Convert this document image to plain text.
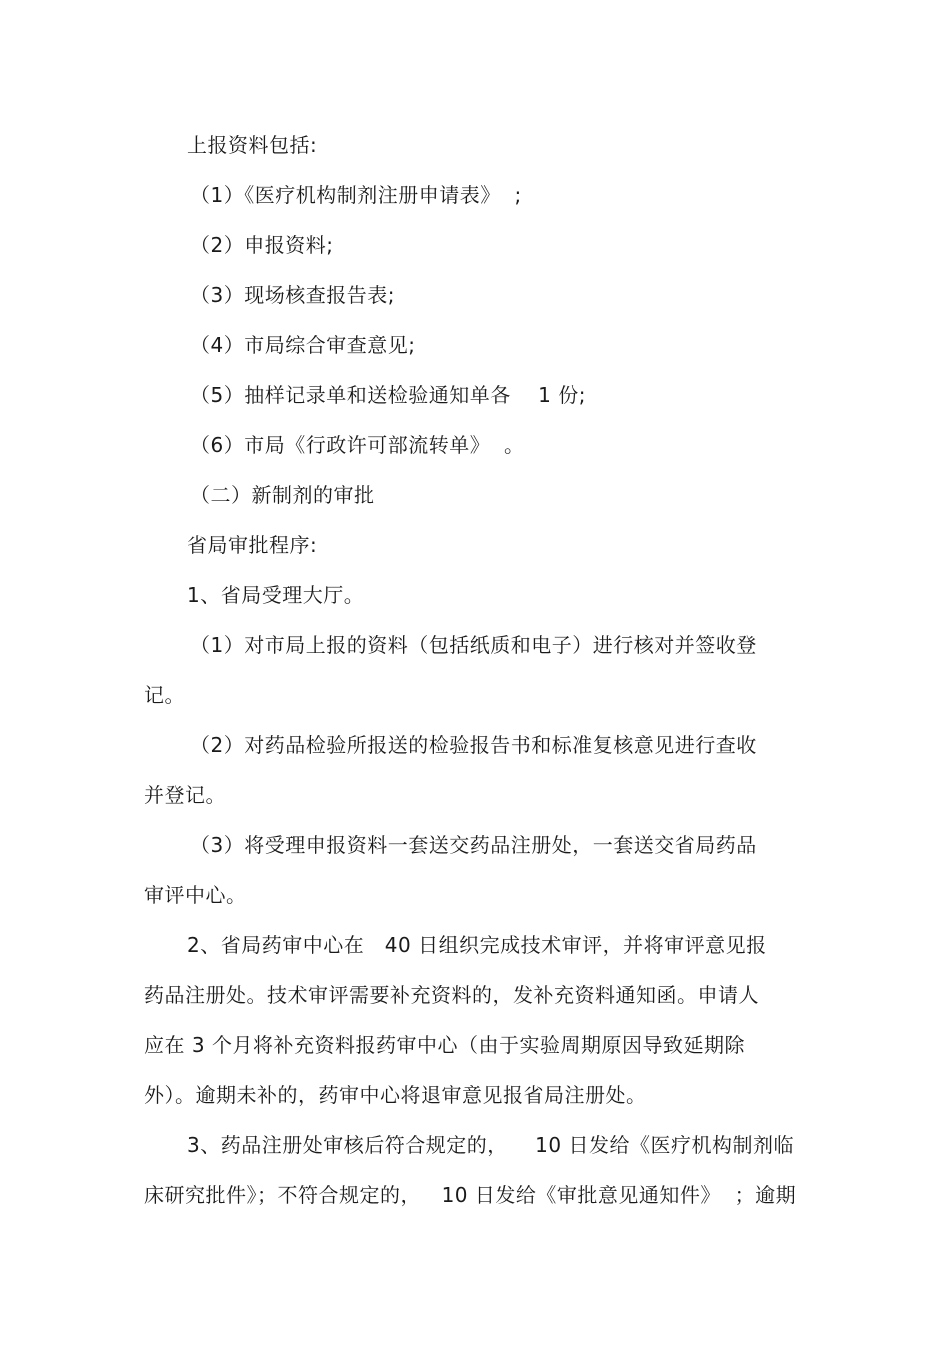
上报资料包括:
（1）《医疗机构制剂注册申请表》  ;
（2）申报资料;
（3）现场核查报告表;
（4）市局综合审查意见;
（5）抽样记录单和送检验通知单各    1 份;
（6）市局《行政许可部流转单》  。
（二）新制剂的审批
省局审批程序:
1、省局受理大厅。
（1）对市局上报的资料（包括纸质和电子）进行核对并签收登
记。
（2）对药品检验所报送的检验报告书和标准复核意见进行查收
并登记。
（3）将受理申报资料一套送交药品注册处，一套送交省局药品
审评中心。
2、省局药审中心在   40 日组织完成技术审评，并将审评意见报
药品注册处。技术审评需要补充资料的，发补充资料通知函。申请人
应在 3 个月将补充资料报药审中心（由于实验周期原因导致延期除
外）。逾期未补的，药审中心将退审意见报省局注册处。
3、药品注册处审核后符合规定的，    10 日发给《医疗机构制剂临
床研究批件》；不符合规定的，   10 日发给《审批意见通知件》  ；逾期
